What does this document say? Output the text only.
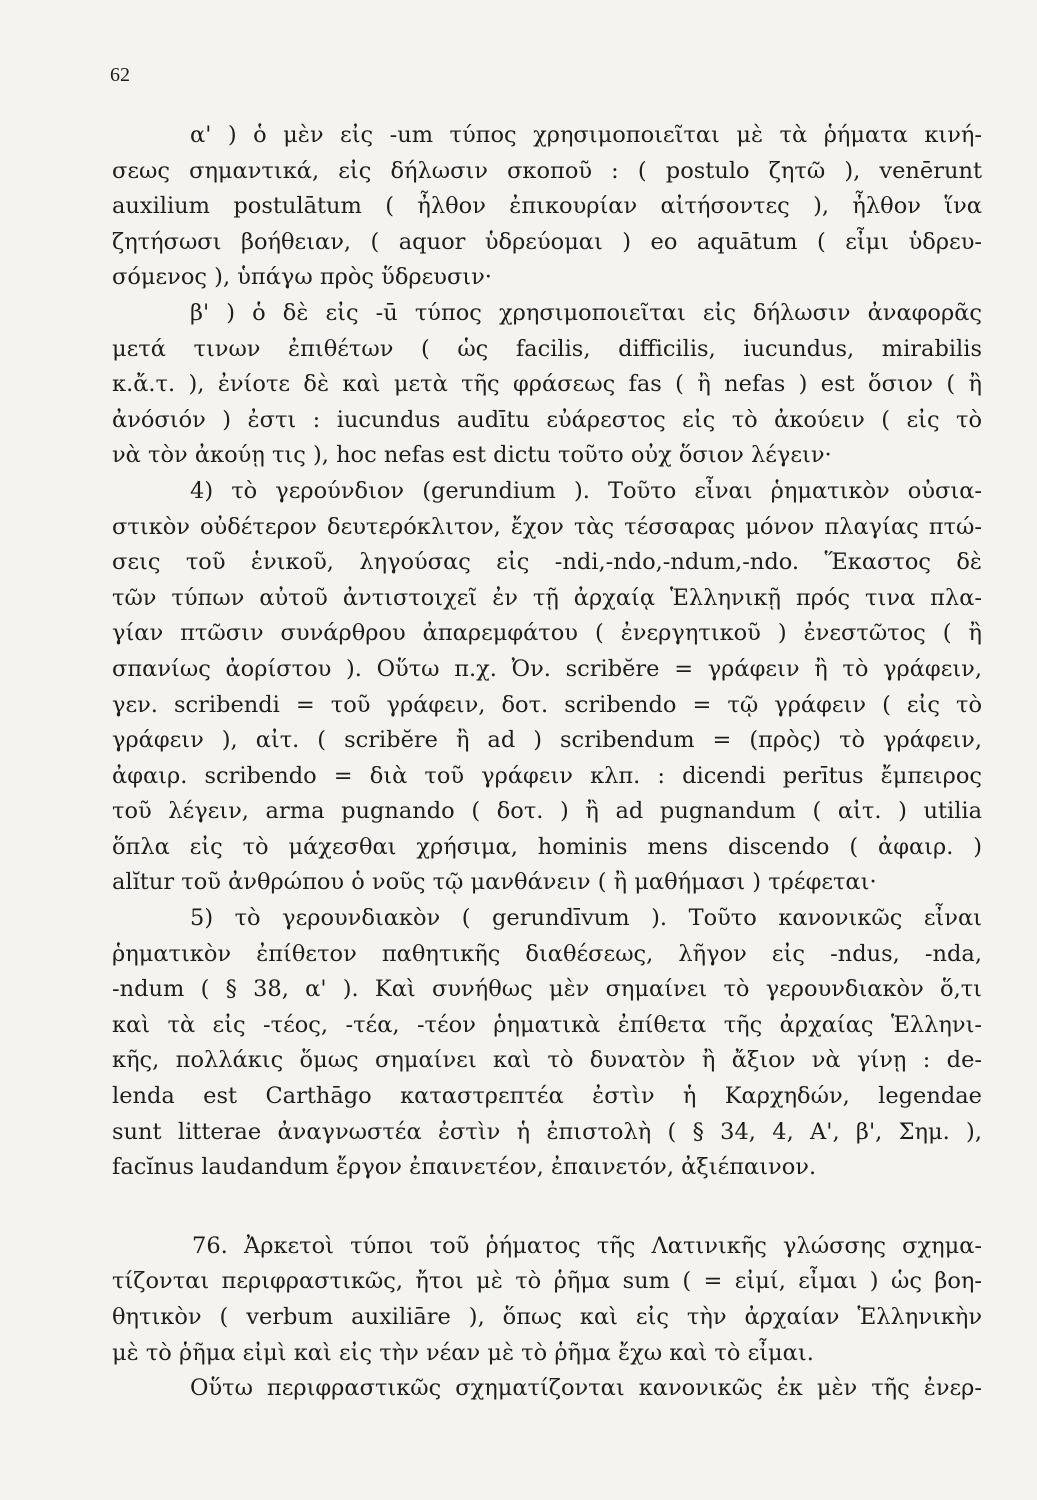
62
α' ) ὁ μὲν εἰς -um τύπος χρησιμοποιεῖται μὲ τὰ ῥήματα κινή-
σεως σημαντικά, εἰς δήλωσιν σκοποῦ : ( postulo ζητῶ ), venērunt
auxilium postulātum ( ἦλθον ἐπικουρίαν αἰτήσοντες ), ἦλθον ἵνα
ζητήσωσι βοήθειαν, ( aquor ὑδρεύομαι ) eo aquātum ( εἶμι ὑδρευ-
σόμενος ), ὑπάγω πρὸς ὕδρευσιν·
β' ) ὁ δὲ εἰς -ū τύπος χρησιμοποιεῖται εἰς δήλωσιν ἀναφορᾶς
μετά τινων ἐπιθέτων ( ὡς facilis, difficilis, iucundus, mirabilis
κ.ἄ.τ. ), ἐνίοτε δὲ καὶ μετὰ τῆς φράσεως fas ( ἢ nefas ) est ὅσιον ( ἢ
ἀνόσιόν ) ἐστι : iucundus audītu εὐάρεστος εἰς τὸ ἀκούειν ( εἰς τὸ
νὰ τὸν ἀκούῃ τις ), hoc nefas est dictu τοῦτο οὐχ ὅσιον λέγειν·
4) τὸ γερούνδιον (gerundium ). Τοῦτο εἶναι ῥηματικὸν οὐσια-
στικὸν οὐδέτερον δευτερόκλιτον, ἔχον τὰς τέσσαρας μόνον πλαγίας πτώ-
σεις τοῦ ἑνικοῦ, ληγούσας εἰς -ndi,-ndo,-ndum,-ndo. Ἕκαστος δὲ
τῶν τύπων αὐτοῦ ἀντιστοιχεῖ ἐν τῇ ἀρχαίᾳ Ἑλληνικῇ πρός τινα πλα-
γίαν πτῶσιν συνάρθρου ἀπαρεμφάτου ( ἐνεργητικοῦ ) ἐνεστῶτος ( ἢ
σπανίως ἀορίστου ). Οὕτω π.χ. Ὀν. scribĕre = γράφειν ἢ τὸ γράφειν,
γεν. scribendi = τοῦ γράφειν, δοτ. scribendo = τῷ γράφειν ( εἰς τὸ
γράφειν ), αἰτ. ( scribĕre ἢ ad ) scribendum = (πρὸς) τὸ γράφειν,
ἀφαιρ. scribendo = διὰ τοῦ γράφειν κλπ. : dicendi perītus ἔμπειρος
τοῦ λέγειν, arma pugnando ( δοτ. ) ἢ ad pugnandum ( αἰτ. ) utilia
ὅπλα εἰς τὸ μάχεσθαι χρήσιμα, hominis mens discendo ( ἀφαιρ. )
alĭtur τοῦ ἀνθρώπου ὁ νοῦς τῷ μανθάνειν ( ἢ μαθήμασι ) τρέφεται·
5) τὸ γερουνδιακὸν ( gerundīvum ). Τοῦτο κανονικῶς εἶναι
ῥηματικὸν ἐπίθετον παθητικῆς διαθέσεως, λῆγον εἰς -ndus, -nda,
-ndum ( § 38, α' ). Καὶ συνήθως μὲν σημαίνει τὸ γερουνδιακὸν ὅ,τι
καὶ τὰ εἰς -τέος, -τέα, -τέον ῥηματικὰ ἐπίθετα τῆς ἀρχαίας Ἑλληνι-
κῆς, πολλάκις ὅμως σημαίνει καὶ τὸ δυνατὸν ἢ ἄξιον νὰ γίνῃ : de-
lenda est Carthāgo καταστρεπτέα ἐστὶν ἡ Καρχηδών, legendae
sunt litterae ἀναγνωστέα ἐστὶν ἡ ἐπιστολὴ ( § 34, 4, Α', β', Σημ. ),
facĭnus laudandum ἔργον ἐπαινετέον, ἐπαινετόν, ἀξιέπαινον.
76. Ἀρκετοὶ τύποι τοῦ ῥήματος τῆς Λατινικῆς γλώσσης σχημα-
τίζονται περιφραστικῶς, ἤτοι μὲ τὸ ῥῆμα sum ( = εἰμί, εἶμαι ) ὡς βοη-
θητικὸν ( verbum auxiliāre ), ὅπως καὶ εἰς τὴν ἀρχαίαν Ἑλληνικὴν
μὲ τὸ ῥῆμα εἰμὶ καὶ εἰς τὴν νέαν μὲ τὸ ῥῆμα ἔχω καὶ τὸ εἶμαι.
Οὕτω περιφραστικῶς σχηματίζονται κανονικῶς ἐκ μὲν τῆς ἐνερ-
